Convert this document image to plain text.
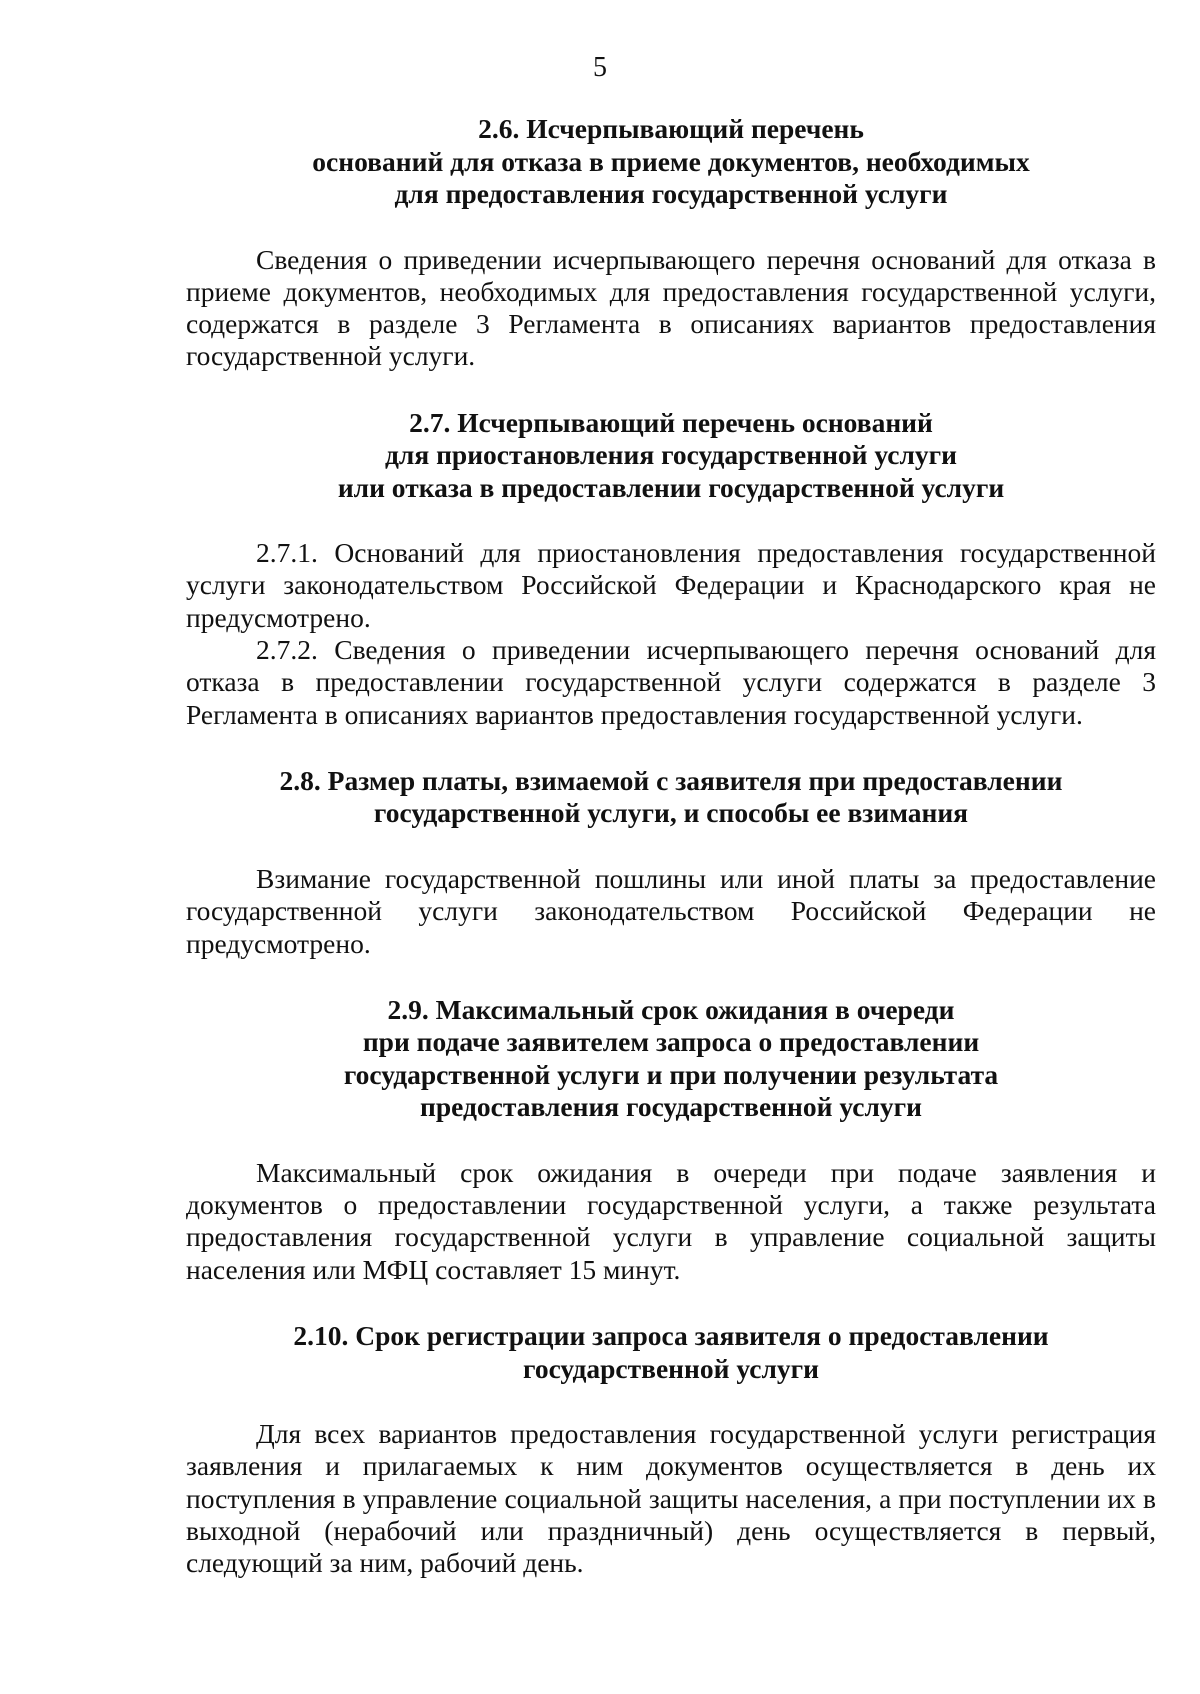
5
2.6. Исчерпывающий перечень
оснований для отказа в приеме документов, необходимых
для предоставления государственной услуги

Сведения о приведении исчерпывающего перечня оснований для отказа в приеме документов, необходимых для предоставления государственной услуги, содержатся в разделе 3 Регламента в описаниях вариантов предоставления государственной услуги.

2.7. Исчерпывающий перечень оснований
для приостановления государственной услуги
или отказа в предоставлении государственной услуги

2.7.1. Оснований для приостановления предоставления государственной услуги законодательством Российской Федерации и Краснодарского края не предусмотрено.

2.7.2. Сведения о приведении исчерпывающего перечня оснований для отказа в предоставлении государственной услуги содержатся в разделе 3 Регламента в описаниях вариантов предоставления государственной услуги.

2.8. Размер платы, взимаемой с заявителя при предоставлении
государственной услуги, и способы ее взимания

Взимание государственной пошлины или иной платы за предоставление государственной услуги законодательством Российской Федерации не предусмотрено.

2.9. Максимальный срок ожидания в очереди
при подаче заявителем запроса о предоставлении
государственной услуги и при получении результата
предоставления государственной услуги

Максимальный срок ожидания в очереди при подаче заявления и документов о предоставлении государственной услуги, а также результата предоставления государственной услуги в управление социальной защиты населения или МФЦ составляет 15 минут.

2.10. Срок регистрации запроса заявителя о предоставлении
государственной услуги

Для всех вариантов предоставления государственной услуги регистрация заявления и прилагаемых к ним документов осуществляется в день их поступления в управление социальной защиты населения, а при поступлении их в выходной (нерабочий или праздничный) день осуществляется в первый, следующий за ним, рабочий день.
